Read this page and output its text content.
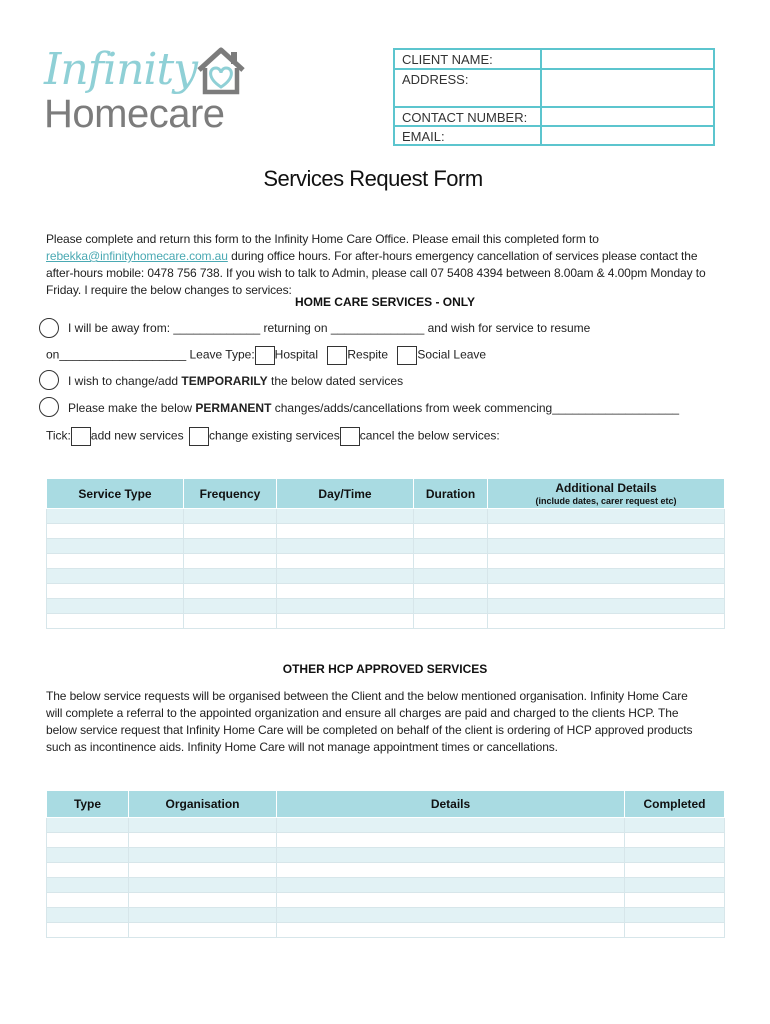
Infinity
Homecare
CLIENT NAME:
ADDRESS:
CONTACT NUMBER:
EMAIL:
Services Request Form
Please complete and return this form to the Infinity Home Care Office. Please email this completed form to
rebekka@infinityhomecare.com.au during office hours. For after-hours emergency cancellation of services please contact the after-hours mobile: 0478 756 738. If you wish to talk to Admin, please call 07 5408 4394 between 8.00am & 4.00pm Monday to Friday. I require the below changes to services:
HOME CARE SERVICES - ONLY
I will be away from: _____________ returning on ______________ and wish for service to resume
on___________________ Leave Type: Hospital Respite Social Leave
I wish to change/add TEMPORARILY the below dated services
Please make the below PERMANENT changes/adds/cancellations from week commencing___________________
Tick: add new services change existing services cancel the below services:
Service Type	Frequency	Day/Time	Duration	Additional Details
(include dates, carer request etc)

OTHER HCP APPROVED SERVICES
The below service requests will be organised between the Client and the below mentioned organisation. Infinity Home Care will complete a referral to the appointed organization and ensure all charges are paid and charged to the clients HCP. The below service request that Infinity Home Care will be completed on behalf of the client is ordering of HCP approved products such as incontinence aids. Infinity Home Care will not manage appointment times or cancellations.
Type	Organisation	Details	Completed
